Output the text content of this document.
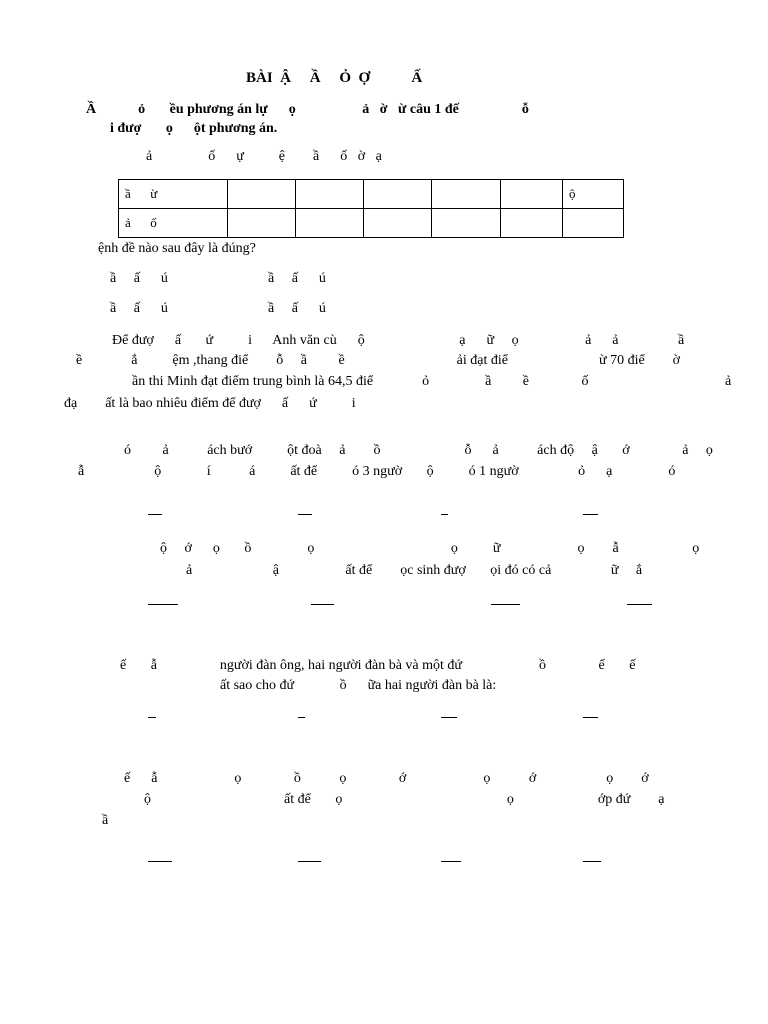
BÀI  Ậ     Ầ     Ỏ  Ợ           Ấ
Ầ            ỏ       ều phương án lự      ọ                   ả   ờ   ừ câu 1 đế                  ỗ
i đượ       ọ      ột phương án.
ả                ố      ự          ệ        ầ      ố   ờ   ạ
ầ      ừ						ộ
ả      ố						
ệnh đề nào sau đây là đúng?
ầ     ấ      ú	ầ     ấ      ú
ầ     ấ      ú	ầ     ấ      ú
Để đượ      ấ       ứ          i      Anh văn cù      ộ                           ạ      ữ     ọ                   ả      ả                 ầ
ề              ắ          ệm ,thang điể        ỗ     ầ         ề                                ải đạt điể                          ừ 70 điể        ờ
ần thi Minh đạt điểm trung bình là 64,5 điể              ỏ                ầ         ề               ố                                       ả
đạ        ất là bao nhiêu điểm để đượ      ấ      ứ          i
ó         ả           ách bướ          ột đoà     ả        ồ                        ỗ      ả           ách độ     ậ       ớ               ả     ọ
ẫ                    ộ             í           á          ất để          ó 3 ngườ       ộ          ó 1 ngườ                 ỏ      ạ                ó
ộ     ớ      ọ       ồ                ọ                                       ọ          ữ                      ọ        ẫ                     ọ
ả                       ậ                   ất để        ọc sinh đượ       ọi đó có cả                 ữ     ắ
ế       ẫ                  người đàn ông, hai người đàn bà và một đứ                      ồ               ế       ế
ất sao cho đứ             ồ      ữa hai người đàn bà là:
ế      ẫ                      ọ               ồ           ọ               ớ                      ọ           ớ                    ọ        ớ
ộ                                      ất để       ọ                                               ọ                        ớp đứ        ạ
ầ
